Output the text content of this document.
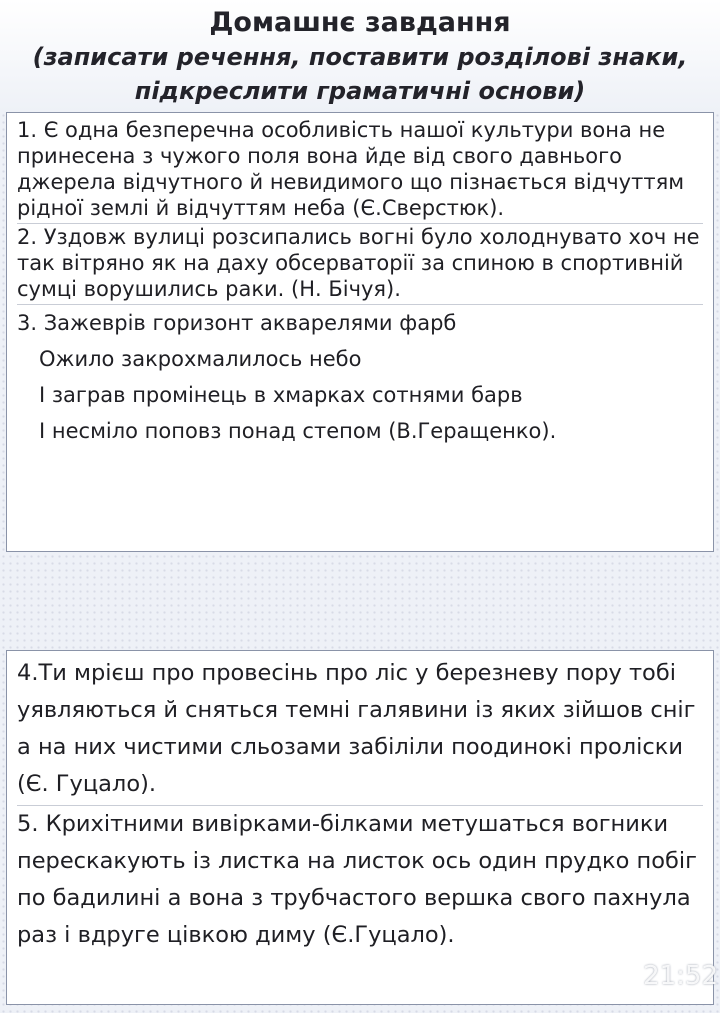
Домашнє завдання
(записати речення, поставити розділові знаки, підкреслити граматичні основи)

1. Є одна безперечна особливість нашої культури вона не принесена з чужого поля вона йде від свого давнього джерела відчутного й невидимого що пізнається відчуттям рідної землі й відчуттям неба (Є.Сверстюк).

2. Уздовж вулиці розсипались вогні було холоднувато хоч не так вітряно як на даху обсерваторії за спиною в спортивній сумці ворушились раки. (Н. Бічуя).

3. Зажеврів горизонт акварелями фарб
Ожило закрохмалилось небо
І заграв промінець в хмарках сотнями барв
І несміло поповз понад степом (В.Геращенко).

4.Ти мрієш про провесінь про ліс у березневу пору тобі уявляються й сняться темні галявини із яких зійшов сніг а на них чистими сльозами забіліли поодинокі проліски (Є. Гуцало).

5. Крихітними вивірками-білками метушаться вогники перескакують із листка на листок ось один прудко побіг по бадилині а вона з трубчастого вершка свого пахнула раз і вдруге цівкою диму (Є.Гуцало).

21:52
